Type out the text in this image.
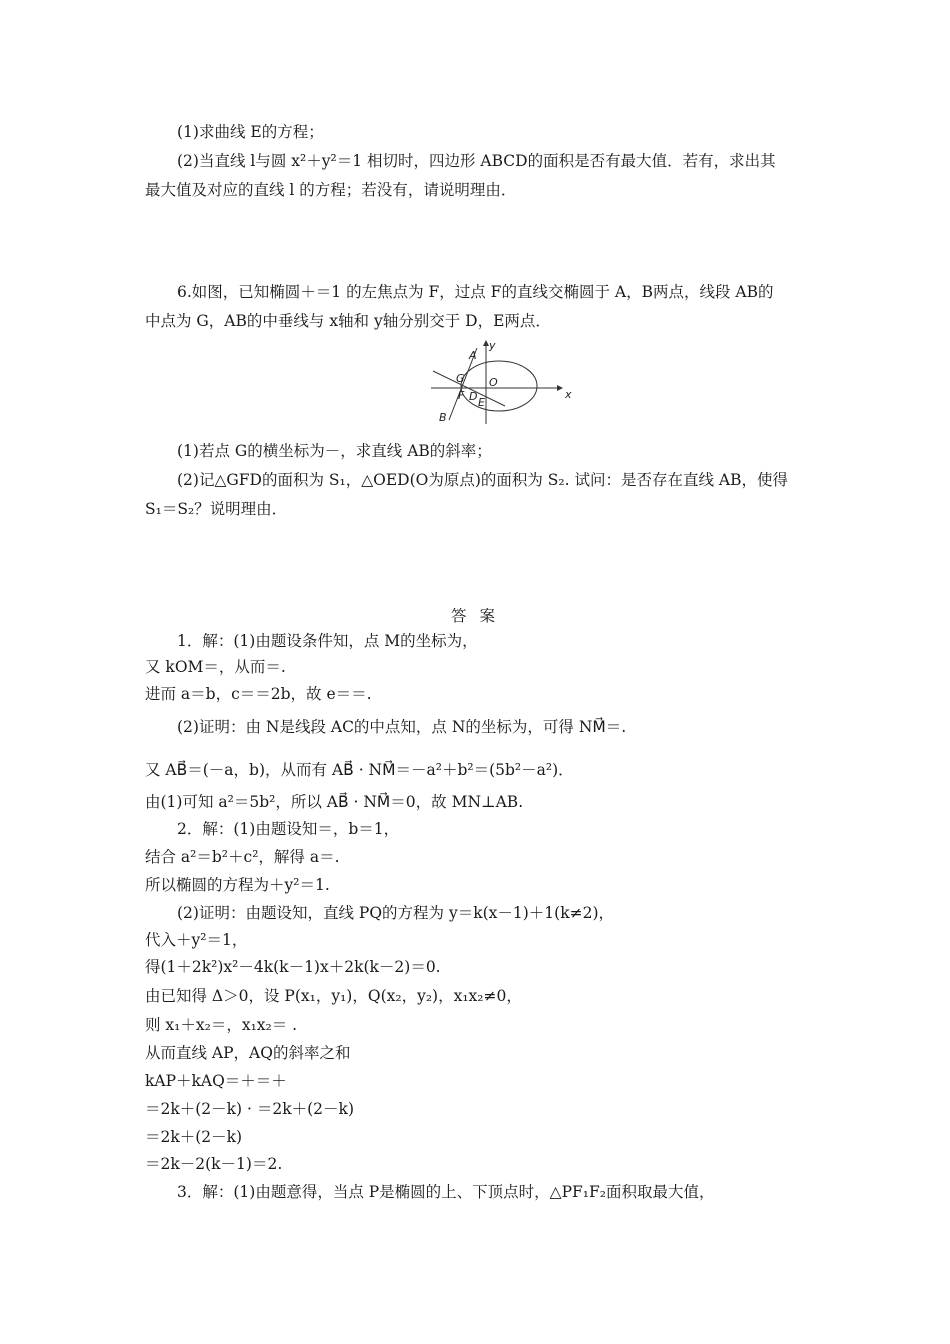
(1)求曲线 E的方程；
(2)当直线 l与圆 x²＋y²＝1 相切时，四边形 ABCD的面积是否有最大值．若有，求出其
最大值及对应的直线 l 的方程；若没有，请说明理由．
6.如图，已知椭圆＋＝1 的左焦点为 F，过点 F的直线交椭圆于 A，B两点，线段 AB的
中点为 G，AB的中垂线与 x轴和 y轴分别交于 D，E两点．
y
x
A
G O
F D E
B
(1)若点 G的横坐标为－，求直线 AB的斜率；
(2)记△GFD的面积为 S₁，△OED(O为原点)的面积为 S₂. 试问：是否存在直线 AB，使得
S₁＝S₂？说明理由．
答 案
1．解：(1)由题设条件知，点 M的坐标为，
又 kOM＝，从而＝.
进而 a＝b，c＝＝2b，故 e＝＝.
(2)证明：由 N是线段 AC的中点知，点 N的坐标为，可得 NM⃗＝.
又 AB⃗＝(－a，b)，从而有 AB⃗ · NM⃗＝－a²＋b²＝(5b²－a²)．
由(1)可知 a²＝5b²，所以 AB⃗ · NM⃗＝0，故 MN⊥AB.
2．解：(1)由题设知＝，b＝1，
结合 a²＝b²＋c²，解得 a＝.
所以椭圆的方程为＋y²＝1.
(2)证明：由题设知，直线 PQ的方程为 y＝k(x－1)＋1(k≠2)，
代入＋y²＝1，
得(1＋2k²)x²－4k(k－1)x＋2k(k－2)＝0.
由已知得 Δ＞0，设 P(x₁，y₁)，Q(x₂，y₂)，x₁x₂≠0，
则 x₁＋x₂＝，x₁x₂＝ .
从而直线 AP，AQ的斜率之和
kAP＋kAQ＝＋＝＋
＝2k＋(2－k) · ＝2k＋(2－k)
＝2k＋(2－k)
＝2k－2(k－1)＝2.
3．解：(1)由题意得，当点 P是椭圆的上、下顶点时，△PF₁F₂面积取最大值，
